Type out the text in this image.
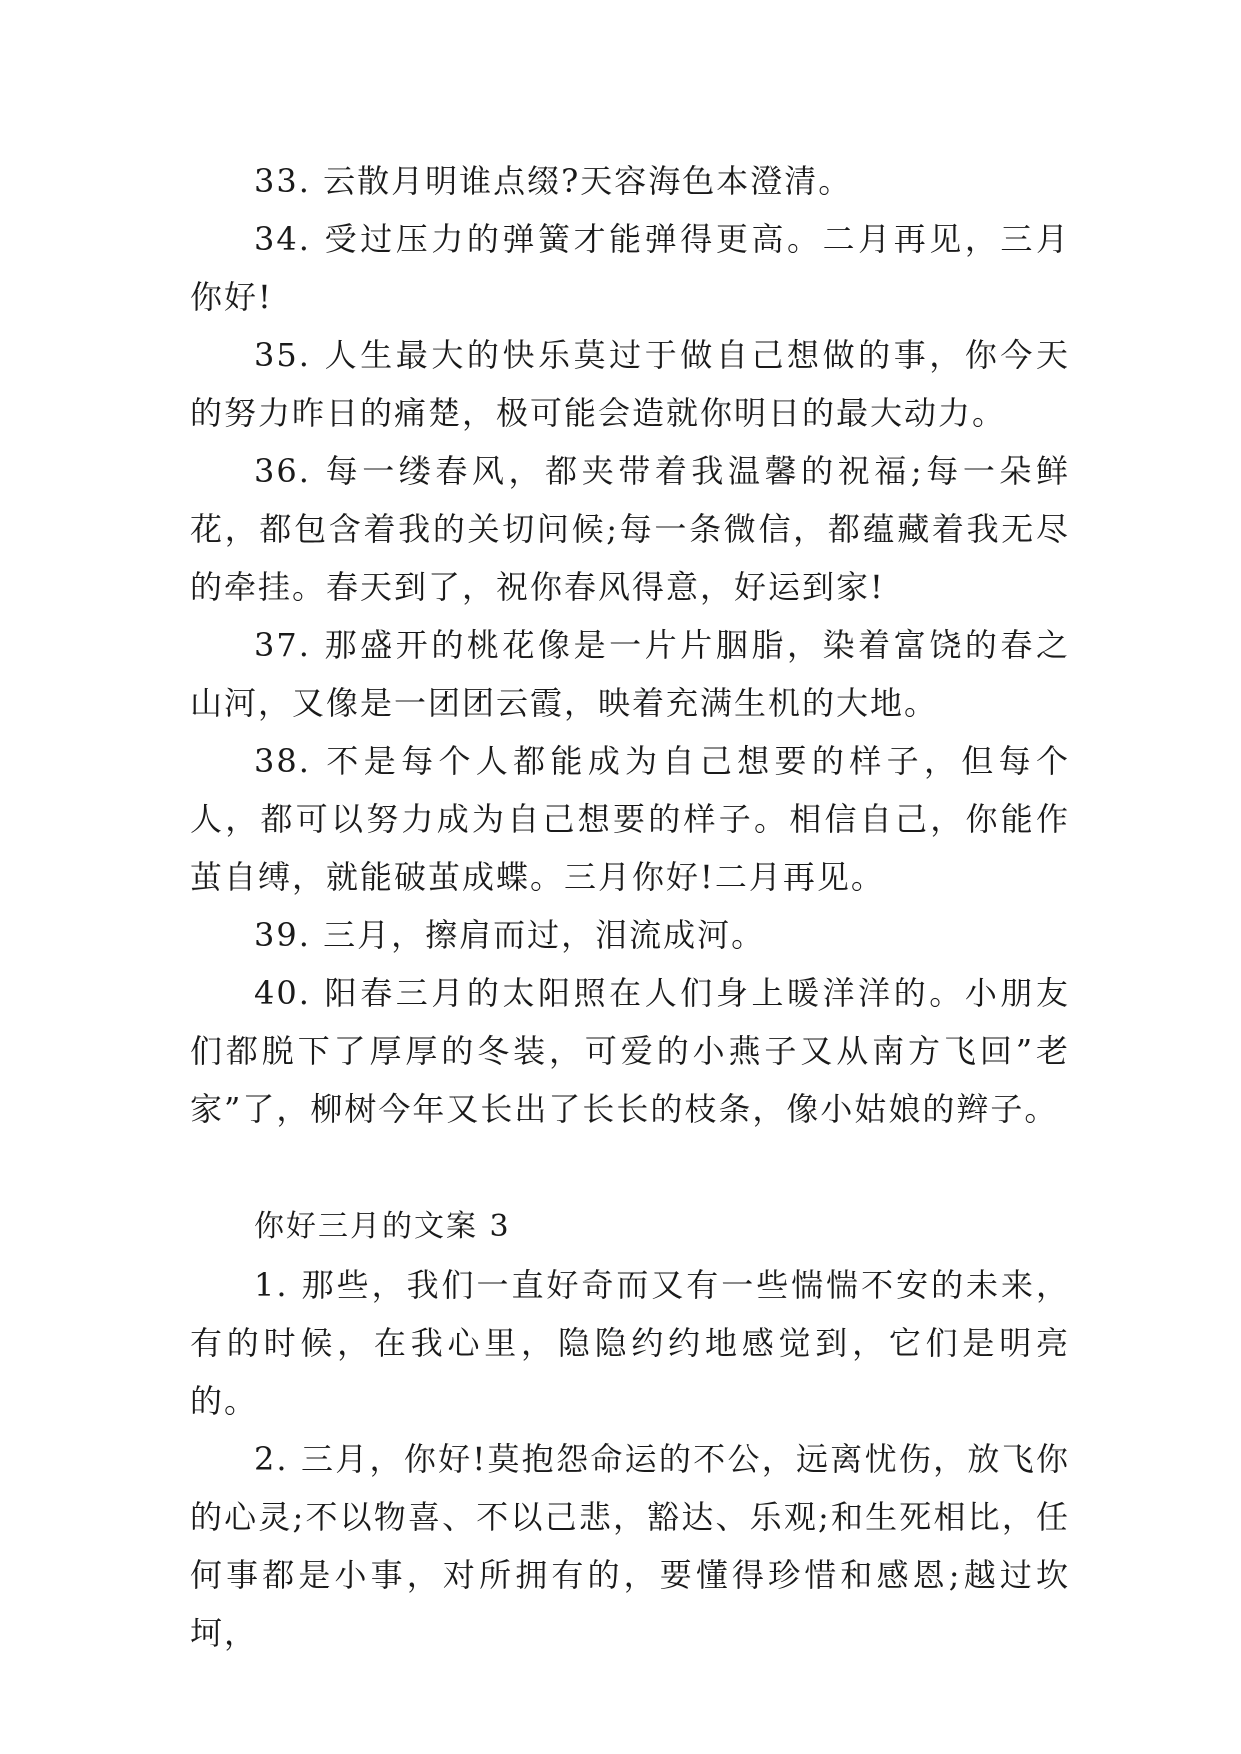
33. 云散月明谁点缀?天容海色本澄清。

34. 受过压力的弹簧才能弹得更高。二月再见，三月你好!

35. 人生最大的快乐莫过于做自己想做的事，你今天的努力昨日的痛楚，极可能会造就你明日的最大动力。

36. 每一缕春风，都夹带着我温馨的祝福;每一朵鲜花，都包含着我的关切问候;每一条微信，都蕴藏着我无尽的牵挂。春天到了，祝你春风得意，好运到家!

37. 那盛开的桃花像是一片片胭脂，染着富饶的春之山河，又像是一团团云霞，映着充满生机的大地。

38. 不是每个人都能成为自己想要的样子，但每个人，都可以努力成为自己想要的样子。相信自己，你能作茧自缚，就能破茧成蝶。三月你好!二月再见。

39. 三月，擦肩而过，泪流成河。

40. 阳春三月的太阳照在人们身上暖洋洋的。小朋友们都脱下了厚厚的冬装，可爱的小燕子又从南方飞回”老家”了，柳树今年又长出了长长的枝条，像小姑娘的辫子。

你好三月的文案 3

1. 那些，我们一直好奇而又有一些惴惴不安的未来，有的时候，在我心里，隐隐约约地感觉到，它们是明亮的。

2. 三月，你好!莫抱怨命运的不公，远离忧伤，放飞你的心灵;不以物喜、不以己悲，豁达、乐观;和生死相比，任何事都是小事，对所拥有的，要懂得珍惜和感恩;越过坎坷，
